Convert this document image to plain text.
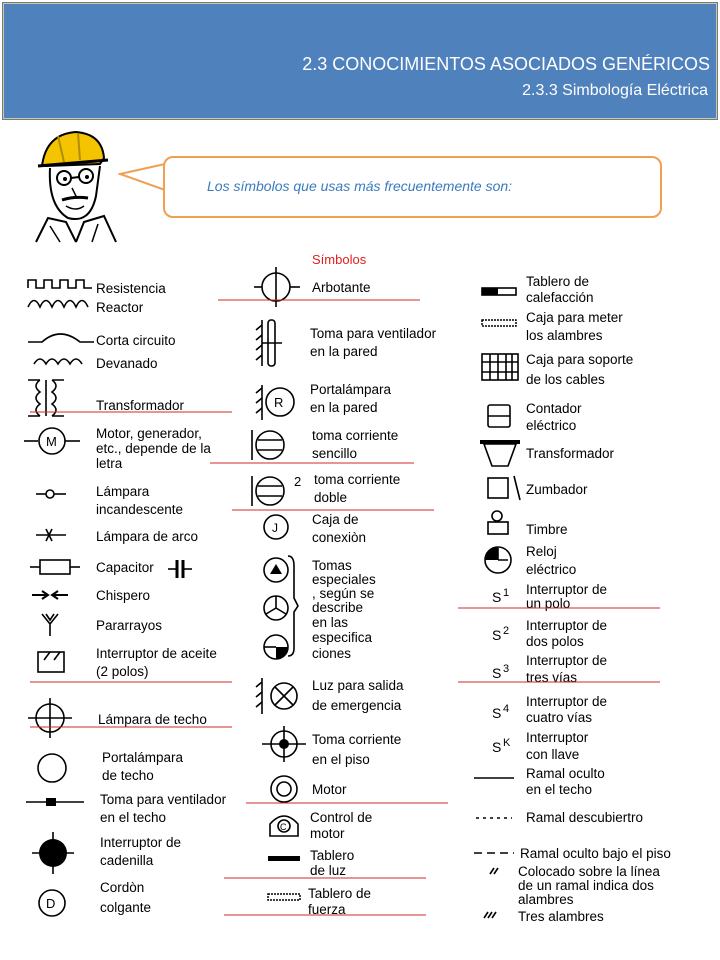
2.3 CONOCIMIENTOS ASOCIADOS GENÉRICOS
2.3.3 Simbología Eléctrica
Los símbolos que usas más frecuentemente son:
Símbolos
M
D
Resistencia
Reactor
Corta circuito
Devanado
Transformador
Motor, generador,
etc., depende de la
letra
Lámpara
incandescente
Lámpara de arco
Capacitor
Chispero
Pararrayos
Interruptor de aceite
(2 polos)
Lámpara de techo
Portalámpara
de techo
Toma para ventilador
en el techo
Interruptor de
cadenilla
Cordòn
colgante
R
2
J
C
Arbotante
Toma para ventilador
en la pared
Portalámpara
en la pared
toma corriente
sencillo
toma corriente
doble
Caja de
conexiòn
Tomas
especiales
, según se
describe
en las
especifica
ciones
Luz para salida
de emergencia
Toma corriente
en el piso
Motor
Control de
motor
Tablero
de luz
Tablero de
fuerza
S 1
S 2
S 3
S 4
S K
Tablero de
calefacción
Caja para meter
los alambres
Caja para soporte
de los cables
Contador
eléctrico
Transformador
Zumbador
Timbre
Reloj
eléctrico
Interruptor de
un polo
Interruptor de
dos polos
Interruptor de
tres vías
Interruptor de
cuatro vías
Interruptor
con llave
Ramal oculto
en el techo
Ramal descubiertro
Ramal oculto bajo el piso
Colocado sobre la línea
de un ramal indica dos
alambres
Tres alambres
